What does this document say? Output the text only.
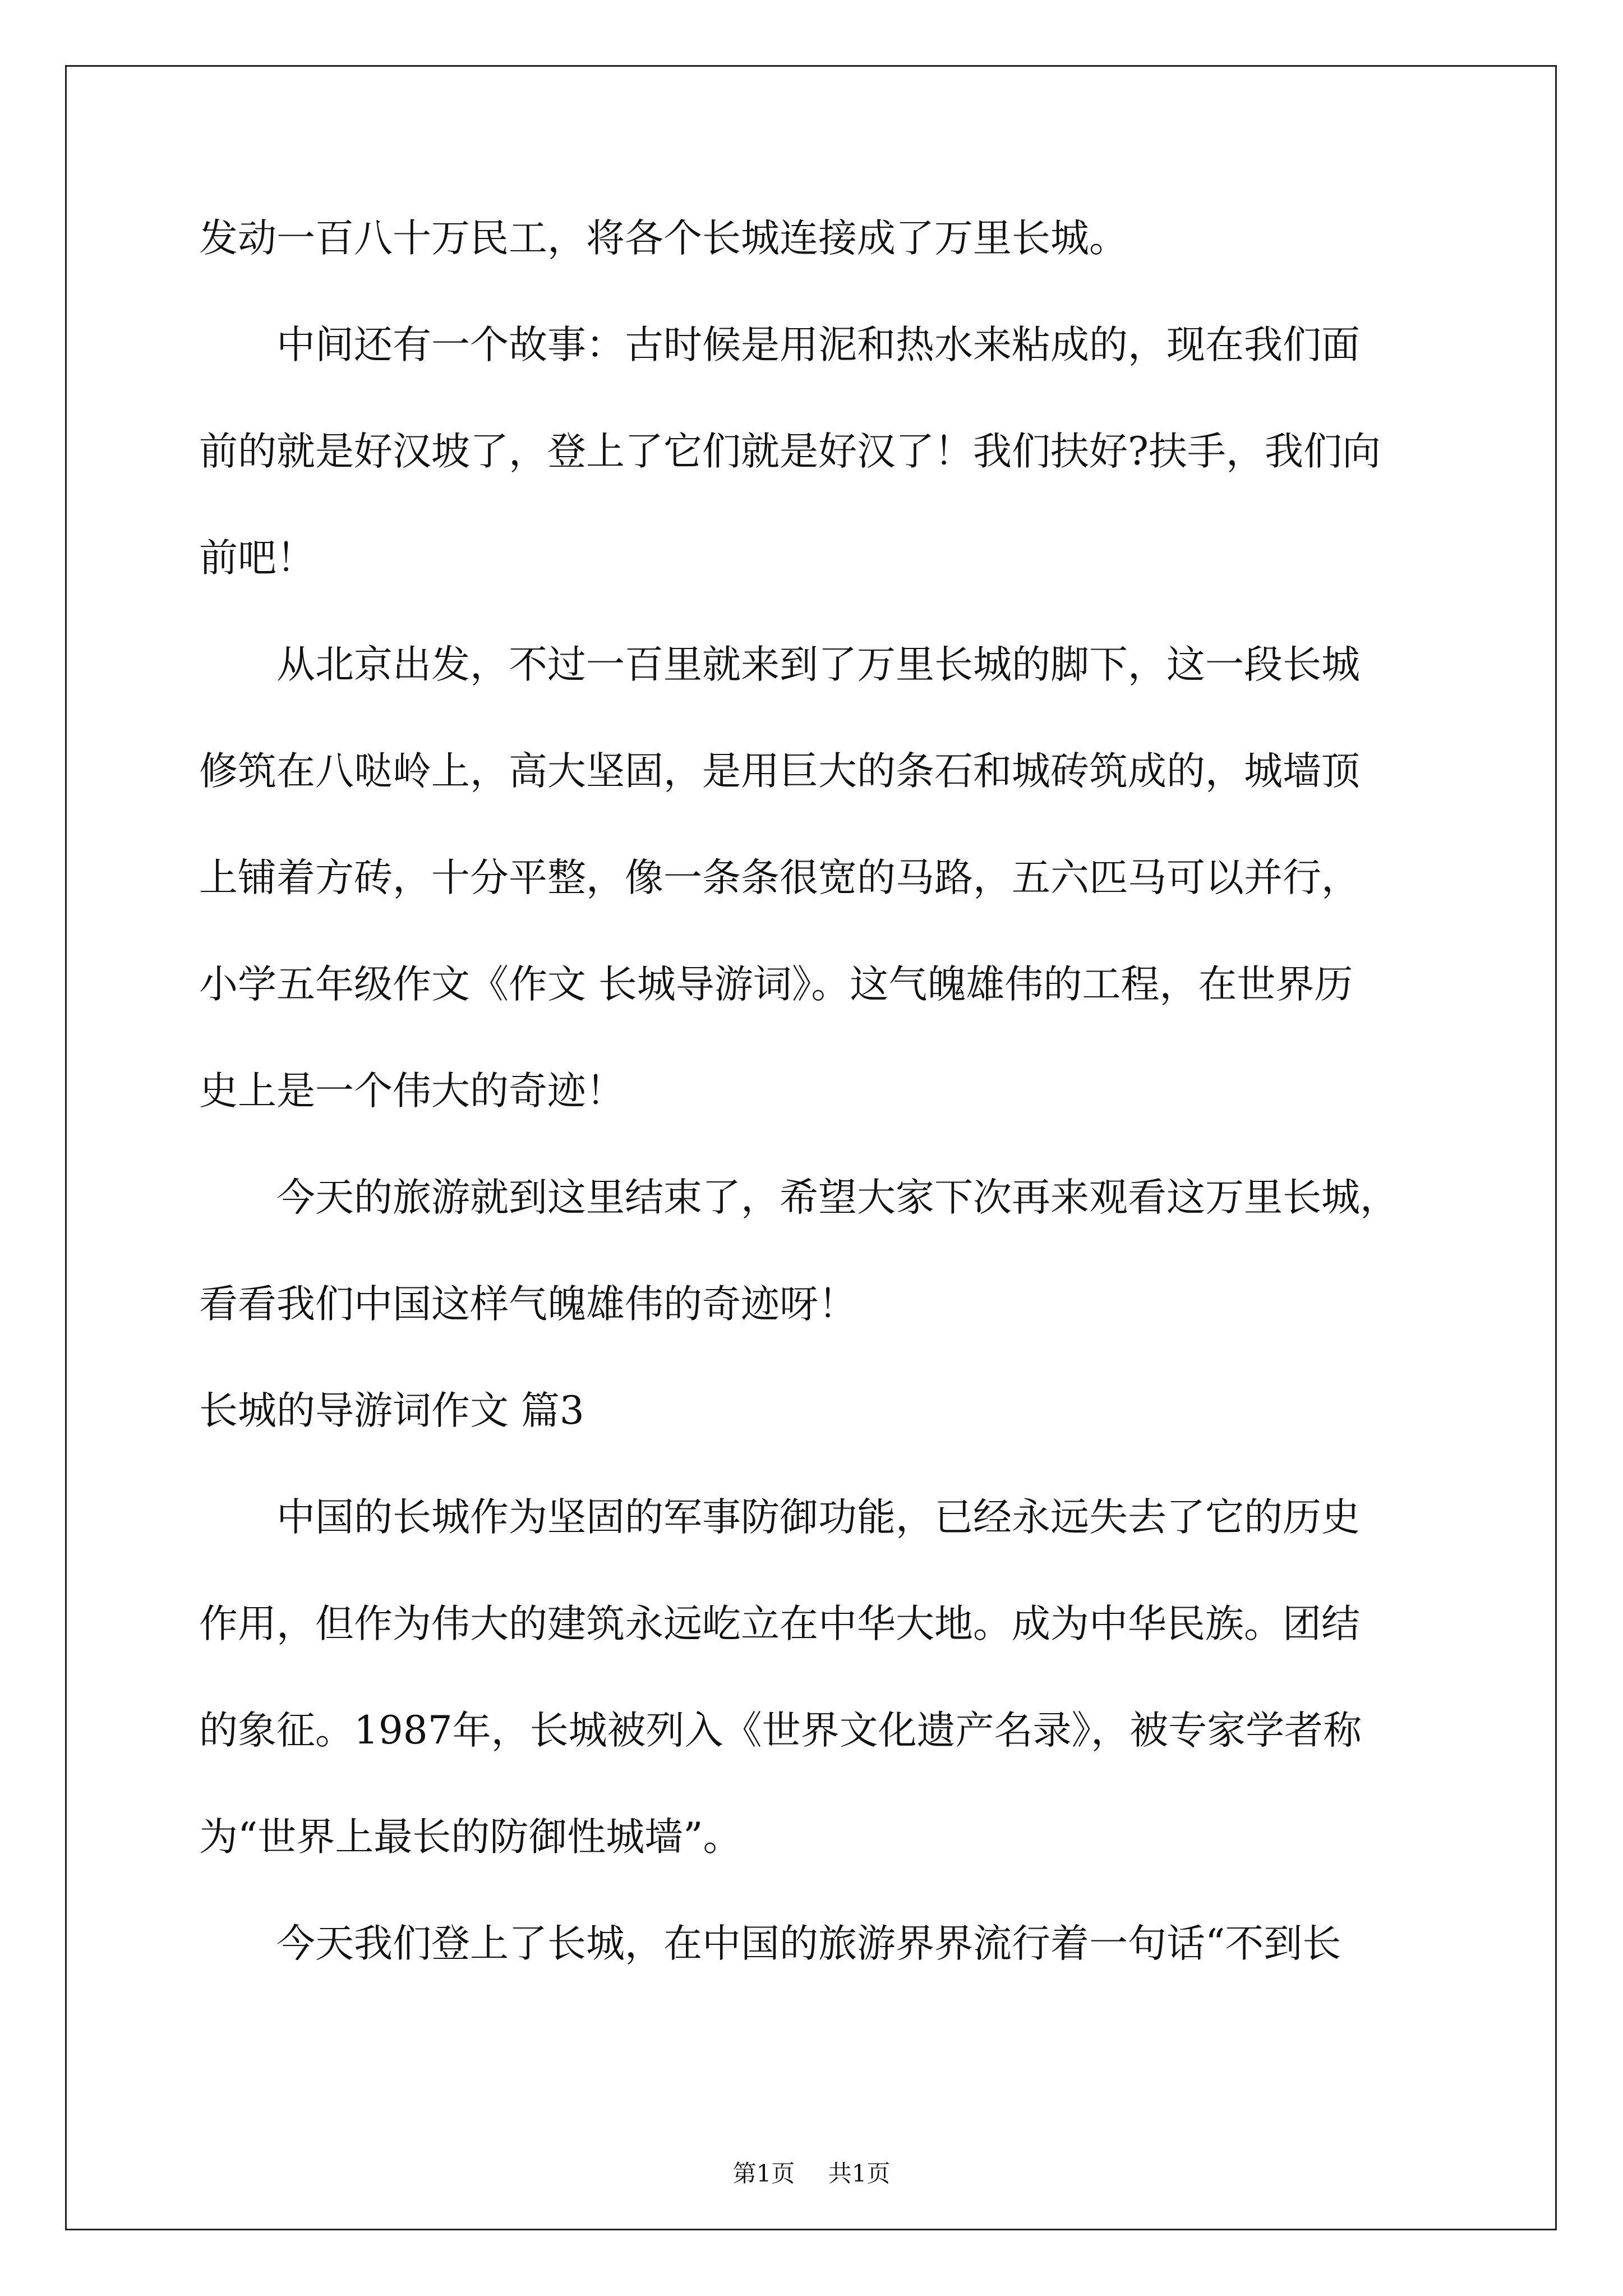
发动一百八十万民工，将各个长城连接成了万里长城。
中间还有一个故事：古时候是用泥和热水来粘成的，现在我们面
前的就是好汉坡了，登上了它们就是好汉了！我们扶好?扶手，我们向
前吧！
从北京出发，不过一百里就来到了万里长城的脚下，这一段长城
修筑在八哒岭上，高大坚固，是用巨大的条石和城砖筑成的，城墙顶
上铺着方砖，十分平整，像一条条很宽的马路，五六匹马可以并行，
小学五年级作文《作文 长城导游词》。这气魄雄伟的工程，在世界历
史上是一个伟大的奇迹！
今天的旅游就到这里结束了，希望大家下次再来观看这万里长城，
看看我们中国这样气魄雄伟的奇迹呀！
长城的导游词作文 篇3
中国的长城作为坚固的军事防御功能，已经永远失去了它的历史
作用，但作为伟大的建筑永远屹立在中华大地。成为中华民族。团结
的象征。1987年，长城被列入《世界文化遗产名录》，被专家学者称
为“世界上最长的防御性城墙”。
今天我们登上了长城，在中国的旅游界界流行着一句话“不到长
第1页 共1页
